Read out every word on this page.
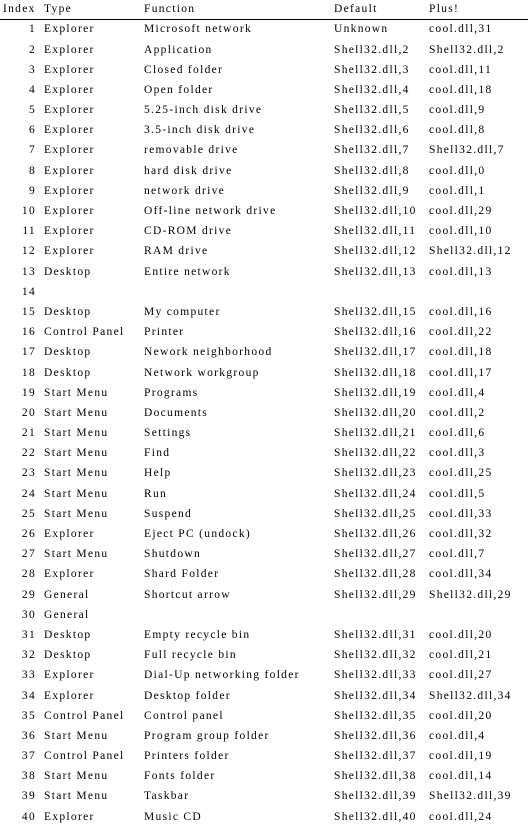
Index	Type	Function	Default	Plus!
1	Explorer	Microsoft network	Unknown	cool.dll,31
2	Explorer	Application	Shell32.dll,2	Shell32.dll,2
3	Explorer	Closed folder	Shell32.dll,3	cool.dll,11
4	Explorer	Open folder	Shell32.dll,4	cool.dll,18
5	Explorer	5.25-inch disk drive	Shell32.dll,5	cool.dll,9
6	Explorer	3.5-inch disk drive	Shell32.dll,6	cool.dll,8
7	Explorer	removable drive	Shell32.dll,7	Shell32.dll,7
8	Explorer	hard disk drive	Shell32.dll,8	cool.dll,0
9	Explorer	network drive	Shell32.dll,9	cool.dll,1
10	Explorer	Off-line network drive	Shell32.dll,10	cool.dll,29
11	Explorer	CD-ROM drive	Shell32.dll,11	cool.dll,10
12	Explorer	RAM drive	Shell32.dll,12	Shell32.dll,12
13	Desktop	Entire network	Shell32.dll,13	cool.dll,13
14				
15	Desktop	My computer	Shell32.dll,15	cool.dll,16
16	Control Panel	Printer	Shell32.dll,16	cool.dll,22
17	Desktop	Nework neighborhood	Shell32.dll,17	cool.dll,18
18	Desktop	Network workgroup	Shell32.dll,18	cool.dll,17
19	Start Menu	Programs	Shell32.dll,19	cool.dll,4
20	Start Menu	Documents	Shell32.dll,20	cool.dll,2
21	Start Menu	Settings	Shell32.dll,21	cool.dll,6
22	Start Menu	Find	Shell32.dll,22	cool.dll,3
23	Start Menu	Help	Shell32.dll,23	cool.dll,25
24	Start Menu	Run	Shell32.dll,24	cool.dll,5
25	Start Menu	Suspend	Shell32.dll,25	cool.dll,33
26	Explorer	Eject PC (undock)	Shell32.dll,26	cool.dll,32
27	Start Menu	Shutdown	Shell32.dll,27	cool.dll,7
28	Explorer	Shard Folder	Shell32.dll,28	cool.dll,34
29	General	Shortcut arrow	Shell32.dll,29	Shell32.dll,29
30	General			
31	Desktop	Empty recycle bin	Shell32.dll,31	cool.dll,20
32	Desktop	Full recycle bin	Shell32.dll,32	cool.dll,21
33	Explorer	Dial-Up networking folder	Shell32.dll,33	cool.dll,27
34	Explorer	Desktop folder	Shell32.dll,34	Shell32.dll,34
35	Control Panel	Control panel	Shell32.dll,35	cool.dll,20
36	Start Menu	Program group folder	Shell32.dll,36	cool.dll,4
37	Control Panel	Printers folder	Shell32.dll,37	cool.dll,19
38	Start Menu	Fonts folder	Shell32.dll,38	cool.dll,14
39	Start Menu	Taskbar	Shell32.dll,39	Shell32.dll,39
40	Explorer	Music CD	Shell32.dll,40	cool.dll,24
